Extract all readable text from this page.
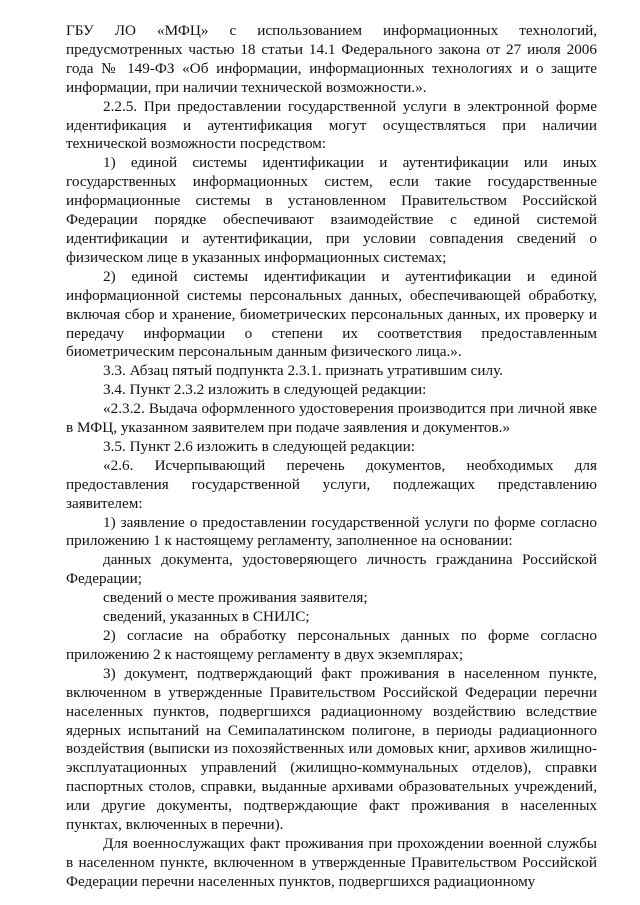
ГБУ ЛО «МФЦ» с использованием информационных технологий, предусмотренных частью 18 статьи 14.1 Федерального закона от 27 июля 2006 года № 149-ФЗ «Об информации, информационных технологиях и о защите информации, при наличии технической возможности.».

2.2.5. При предоставлении государственной услуги в электронной форме идентификация и аутентификация могут осуществляться при наличии технической возможности посредством:

1) единой системы идентификации и аутентификации или иных государственных информационных систем, если такие государственные информационные системы в установленном Правительством Российской Федерации порядке обеспечивают взаимодействие с единой системой идентификации и аутентификации, при условии совпадения сведений о физическом лице в указанных информационных системах;

2) единой системы идентификации и аутентификации и единой информационной системы персональных данных, обеспечивающей обработку, включая сбор и хранение, биометрических персональных данных, их проверку и передачу информации о степени их соответствия предоставленным биометрическим персональным данным физического лица.».

3.3. Абзац пятый подпункта 2.3.1. признать утратившим силу.

3.4. Пункт 2.3.2 изложить в следующей редакции:

«2.3.2. Выдача оформленного удостоверения производится при личной явке в МФЦ, указанном заявителем при подаче заявления и документов.»

3.5. Пункт 2.6 изложить в следующей редакции:

«2.6. Исчерпывающий перечень документов, необходимых для предоставления государственной услуги, подлежащих представлению заявителем:

1) заявление о предоставлении государственной услуги по форме согласно приложению 1 к настоящему регламенту, заполненное на основании:

данных документа, удостоверяющего личность гражданина Российской Федерации;

сведений о месте проживания заявителя;

сведений, указанных в СНИЛС;

2) согласие на обработку персональных данных по форме согласно приложению 2 к настоящему регламенту в двух экземплярах;

3) документ, подтверждающий факт проживания в населенном пункте, включенном в утвержденные Правительством Российской Федерации перечни населенных пунктов, подвергшихся радиационному воздействию вследствие ядерных испытаний на Семипалатинском полигоне, в периоды радиационного воздействия (выписки из похозяйственных или домовых книг, архивов жилищно-эксплуатационных управлений (жилищно-коммунальных отделов), справки паспортных столов, справки, выданные архивами образовательных учреждений, или другие документы, подтверждающие факт проживания в населенных пунктах, включенных в перечни).

Для военнослужащих факт проживания при прохождении военной службы в населенном пункте, включенном в утвержденные Правительством Российской Федерации перечни населенных пунктов, подвергшихся радиационному
